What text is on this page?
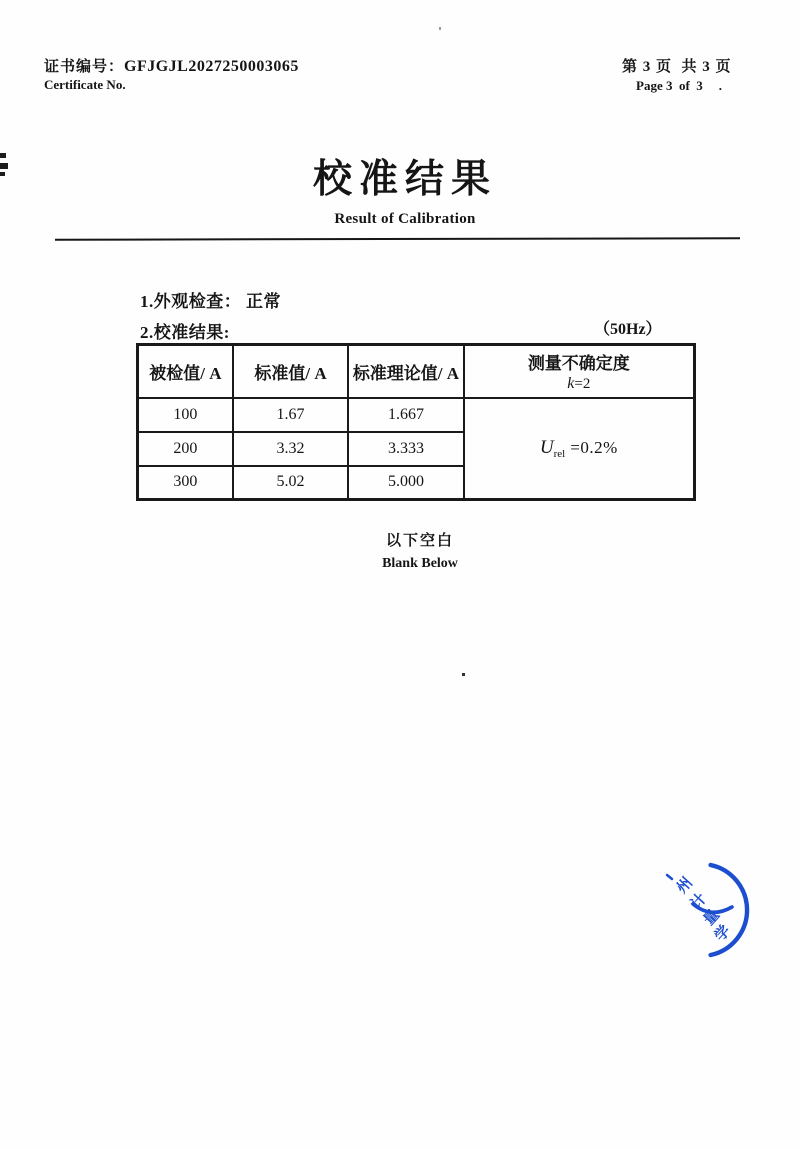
证书编号：GFJGJL2027250003065
Certificate No.
第 3 页  共 3 页
Page 3  of  3 .
校准结果
Result of Calibration
1.外观检查： 正常
2.校准结果:	（50Hz）
被检值/ A	标准值/ A	标准理论值/ A	测量不确定度
k=2

100	1.67	1.667	$U_{rel} =0.2\%$
200	3.32	3.333	
300	5.02	5.000	
以下空白
Blank Below
州
计
量
学
